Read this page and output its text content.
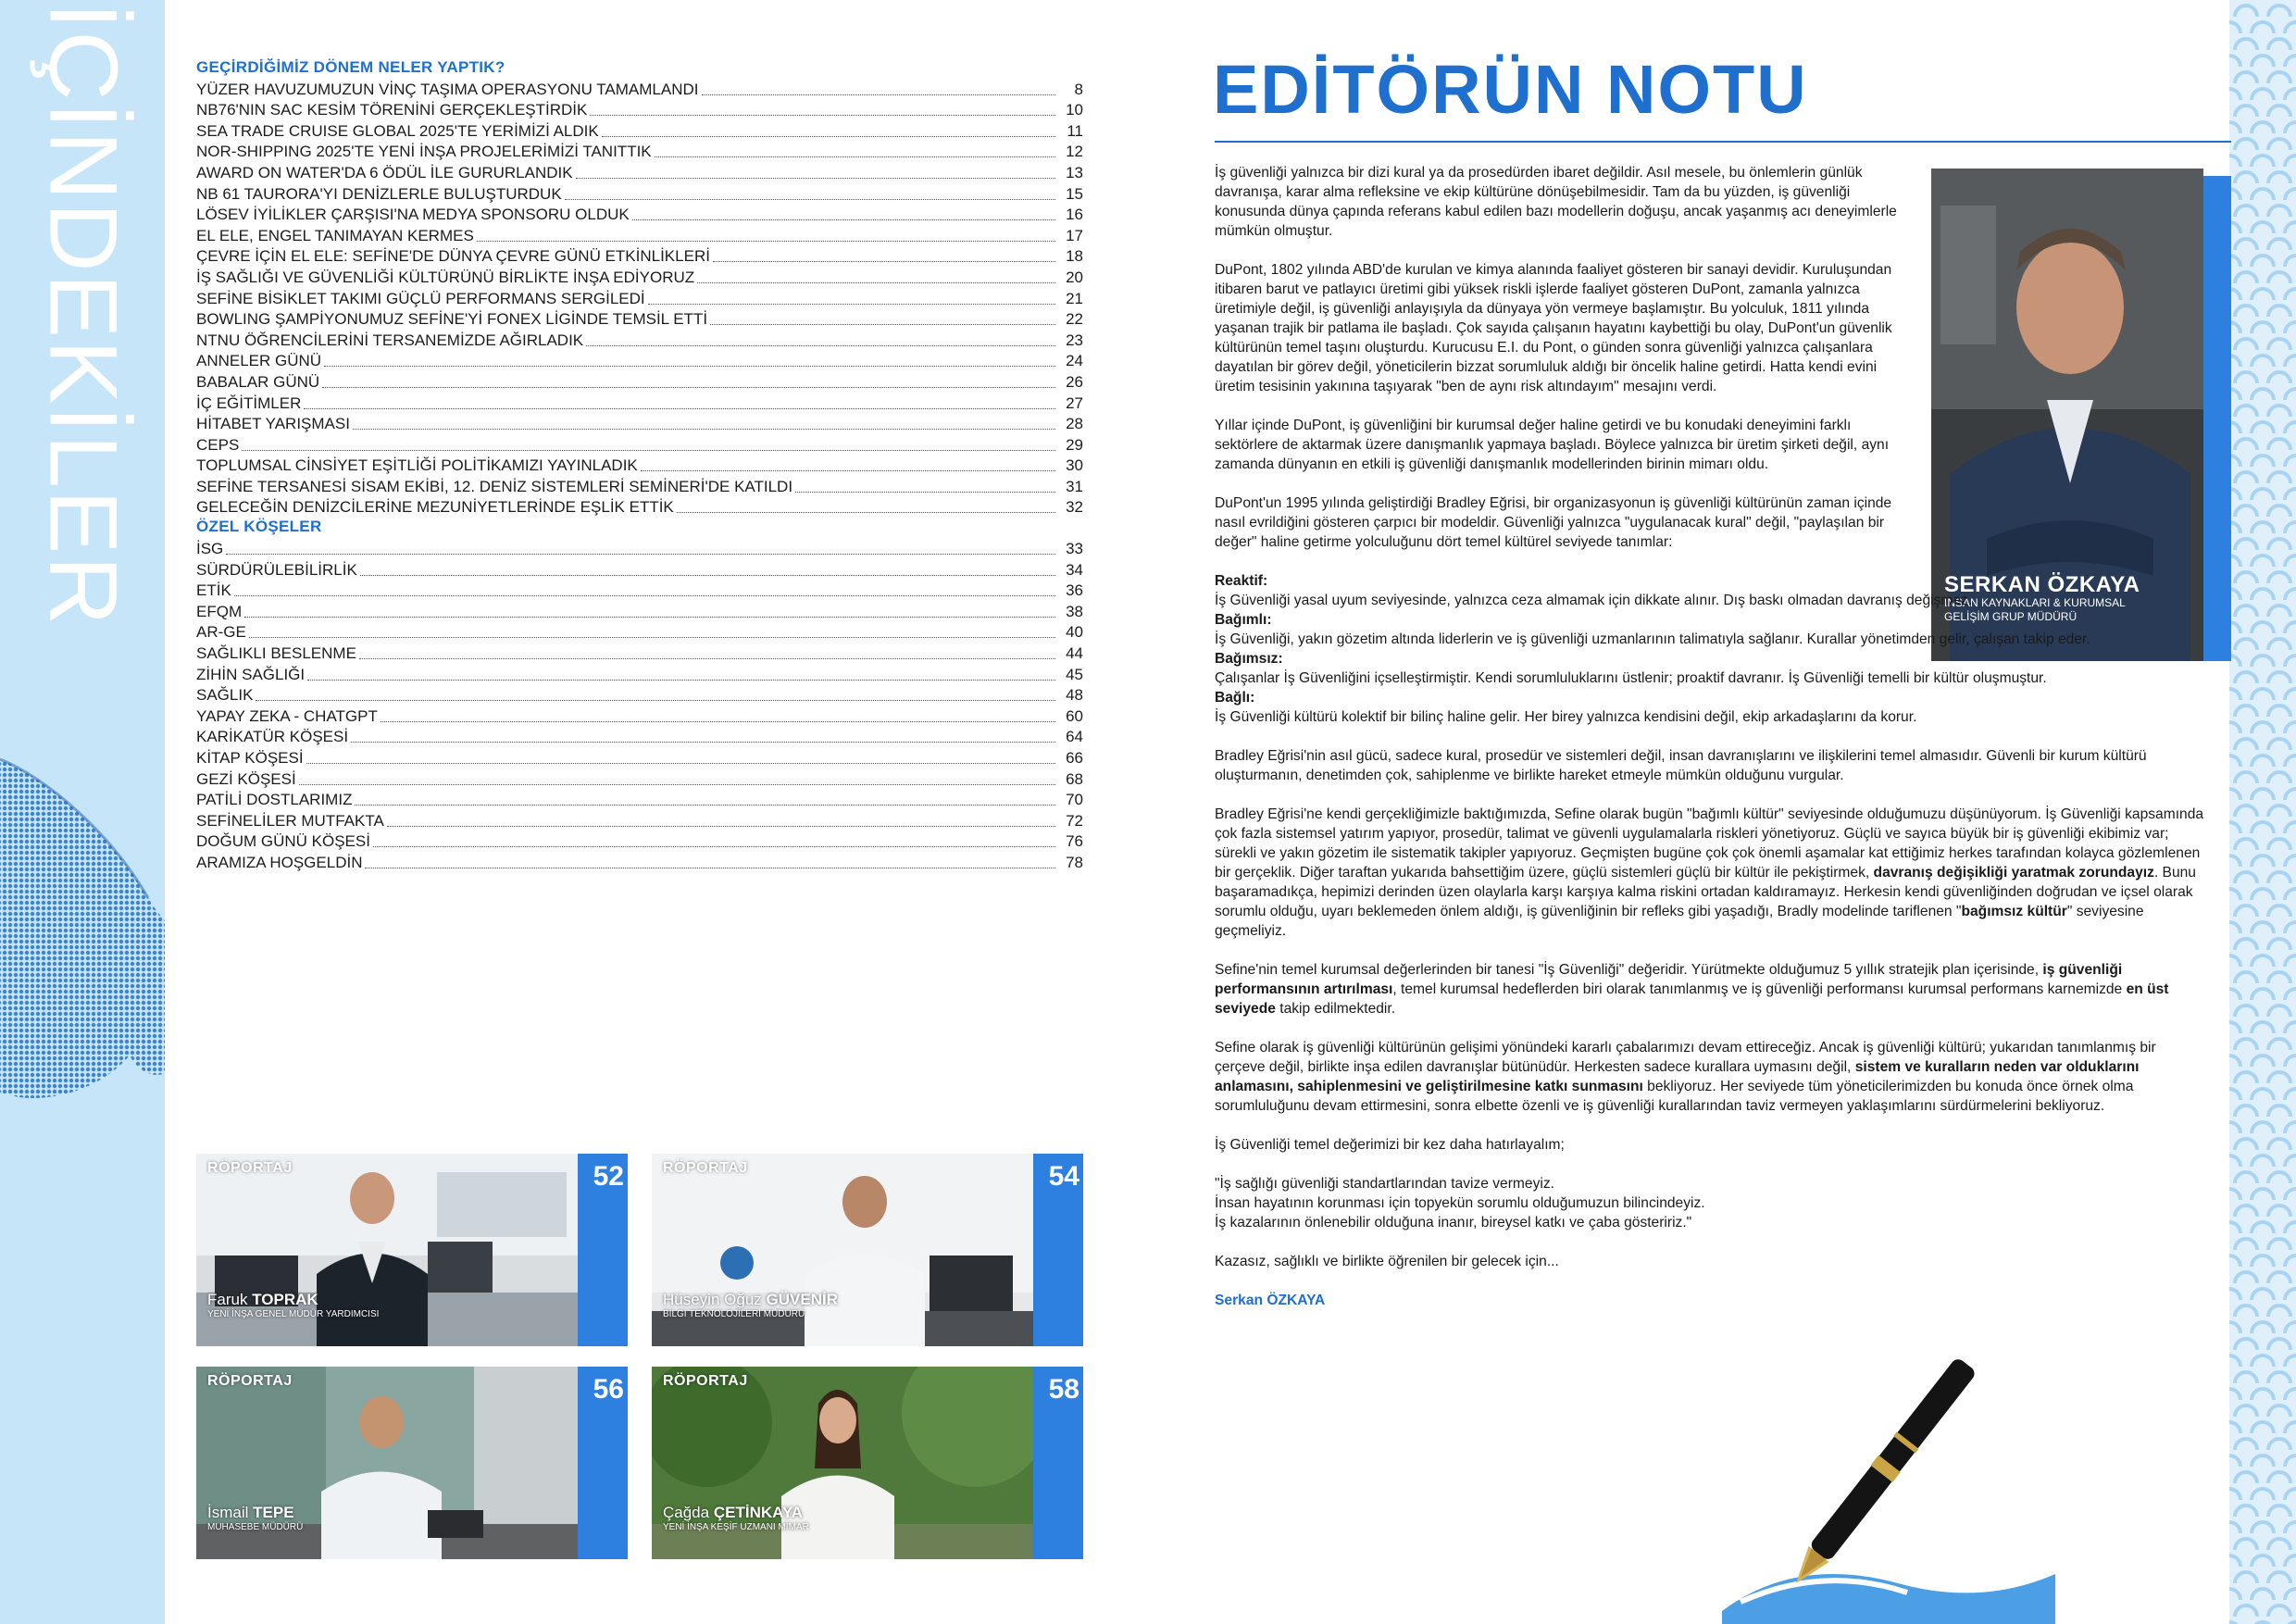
İÇİNDEKİLER	GEÇİRDİĞİMİZ DÖNEM NELER YAPTIK?
YÜZER HAVUZUMUZUN VİNÇ TAŞIMA OPERASYONU TAMAMLANDI	8
NB76'NIN SAC KESİM TÖRENİNİ GERÇEKLEŞTİRDİK	10
SEA TRADE CRUISE GLOBAL 2025'TE YERİMİZİ ALDIK	11
NOR-SHIPPING 2025'TE YENİ İNŞA PROJELERİMİZİ TANITTIK	12
AWARD ON WATER'DA 6 ÖDÜL İLE GURURLANDIK	13
NB 61 TAURORA'YI DENİZLERLE BULUŞTURDUK	15
LÖSEV İYİLİKLER ÇARŞISI'NA MEDYA SPONSORU OLDUK	16
EL ELE, ENGEL TANIMAYAN KERMES	17
ÇEVRE İÇİN EL ELE: SEFİNE'DE DÜNYA ÇEVRE GÜNÜ ETKİNLİKLERİ	18
İŞ SAĞLIĞI VE GÜVENLİĞİ KÜLTÜRÜNÜ BİRLİKTE İNŞA EDİYORUZ	20
SEFİNE BİSİKLET TAKIMI GÜÇLÜ PERFORMANS SERGİLEDİ	21
BOWLING ŞAMPİYONUMUZ SEFİNE'Yİ FONEX LİGİNDE TEMSİL ETTİ	22
NTNU ÖĞRENCİLERİNİ TERSANEMİZDE AĞIRLADIK	23
ANNELER GÜNÜ	24
BABALAR GÜNÜ	26
İÇ EĞİTİMLER	27
HİTABET YARIŞMASI	28
CEPS	29
TOPLUMSAL CİNSİYET EŞİTLİĞİ POLİTİKAMIZI YAYINLADIK	30
SEFİNE TERSANESİ SİSAM EKİBİ, 12. DENİZ SİSTEMLERİ SEMİNERİ'DE KATILDI	31
GELECEĞİN DENİZCİLERİNE MEZUNİYETLERİNDE EŞLİK ETTİK	32
ÖZEL KÖŞELER
İSG	33
SÜRDÜRÜLEBİLİRLİK	34
ETİK	36
EFQM	38
AR-GE	40
SAĞLIKLI BESLENME	44
ZİHİN SAĞLIĞI	45
SAĞLIK	48
YAPAY ZEKA - CHATGPT	60
KARİKATÜR KÖŞESİ	64
KİTAP KÖŞESİ	66
GEZİ KÖŞESİ	68
PATİLİ DOSTLARIMIZ	70
SEFİNELİLER MUTFAKTA	72
DOĞUM GÜNÜ KÖŞESİ	76
ARAMIZA HOŞGELDİN	78
52
RÖPORTAJ
Faruk TOPRAK
YENİ İNŞA GENEL MÜDÜR YARDIMCISI
54
RÖPORTAJ
Hüseyin Oğuz GÜVENİR
BİLGİ TEKNOLOJİLERİ MÜDÜRÜ
56
RÖPORTAJ
İsmail TEPE
MUHASEBE MÜDÜRÜ
58
RÖPORTAJ
Çağda ÇETİNKAYA
YENİ İNŞA KEŞİF UZMANI MİMAR
EDİTÖRÜN NOTU
SERKAN ÖZKAYA
İNSAN KAYNAKLARI & KURUMSAL GELİŞİM GRUP MÜDÜRÜ

İş güvenliği yalnızca bir dizi kural ya da prosedürden ibaret değildir. Asıl mesele, bu önlemlerin günlük davranışa, karar alma refleksine ve ekip kültürüne dönüşebilmesidir. Tam da bu yüzden, iş güvenliği konusunda dünya çapında referans kabul edilen bazı modellerin doğuşu, ancak yaşanmış acı deneyimlerle mümkün olmuştur.

DuPont, 1802 yılında ABD'de kurulan ve kimya alanında faaliyet gösteren bir sanayi devidir. Kuruluşundan itibaren barut ve patlayıcı üretimi gibi yüksek riskli işlerde faaliyet gösteren DuPont, zamanla yalnızca üretimiyle değil, iş güvenliği anlayışıyla da dünyaya yön vermeye başlamıştır. Bu yolculuk, 1811 yılında yaşanan trajik bir patlama ile başladı. Çok sayıda çalışanın hayatını kaybettiği bu olay, DuPont'un güvenlik kültürünün temel taşını oluşturdu. Kurucusu E.I. du Pont, o günden sonra güvenliği yalnızca çalışanlara dayatılan bir görev değil, yöneticilerin bizzat sorumluluk aldığı bir öncelik haline getirdi. Hatta kendi evini üretim tesisinin yakınına taşıyarak "ben de aynı risk altındayım" mesajını verdi.

Yıllar içinde DuPont, iş güvenliğini bir kurumsal değer haline getirdi ve bu konudaki deneyimini farklı sektörlere de aktarmak üzere danışmanlık yapmaya başladı. Böylece yalnızca bir üretim şirketi değil, aynı zamanda dünyanın en etkili iş güvenliği danışmanlık modellerinden birinin mimarı oldu.

DuPont'un 1995 yılında geliştirdiği Bradley Eğrisi, bir organizasyonun iş güvenliği kültürünün zaman içinde nasıl evrildiğini gösteren çarpıcı bir modeldir. Güvenliği yalnızca "uygulanacak kural" değil, "paylaşılan bir değer" haline getirme yolculuğunu dört temel kültürel seviyede tanımlar:

Reaktif:
İş Güvenliği yasal uyum seviyesinde, yalnızca ceza almamak için dikkate alınır. Dış baskı olmadan davranış değişmez.
Bağımlı:
İş Güvenliği, yakın gözetim altında liderlerin ve iş güvenliği uzmanlarının talimatıyla sağlanır. Kurallar yönetimden gelir, çalışan takip eder.
Bağımsız:
Çalışanlar İş Güvenliğini içselleştirmiştir. Kendi sorumluluklarını üstlenir; proaktif davranır. İş Güvenliği temelli bir kültür oluşmuştur.
Bağlı:
İş Güvenliği kültürü kolektif bir bilinç haline gelir. Her birey yalnızca kendisini değil, ekip arkadaşlarını da korur.

Bradley Eğrisi'nin asıl gücü, sadece kural, prosedür ve sistemleri değil, insan davranışlarını ve ilişkilerini temel almasıdır. Güvenli bir kurum kültürü oluşturmanın, denetimden çok, sahiplenme ve birlikte hareket etmeyle mümkün olduğunu vurgular.

Bradley Eğrisi'ne kendi gerçekliğimizle baktığımızda, Sefine olarak bugün "bağımlı kültür" seviyesinde olduğumuzu düşünüyorum. İş Güvenliği kapsamında çok fazla sistemsel yatırım yapıyor, prosedür, talimat ve güvenli uygulamalarla riskleri yönetiyoruz. Güçlü ve sayıca büyük bir iş güvenliği ekibimiz var; sürekli ve yakın gözetim ile sistematik takipler yapıyoruz. Geçmişten bugüne çok çok önemli aşamalar kat ettiğimiz herkes tarafından kolayca gözlemlenen bir gerçeklik. Diğer taraftan yukarıda bahsettiğim üzere, güçlü sistemleri güçlü bir kültür ile pekiştirmek, davranış değişikliği yaratmak zorundayız. Bunu başaramadıkça, hepimizi derinden üzen olaylarla karşı karşıya kalma riskini ortadan kaldıramayız. Herkesin kendi güvenliğinden doğrudan ve içsel olarak sorumlu olduğu, uyarı beklemeden önlem aldığı, iş güvenliğinin bir refleks gibi yaşadığı, Bradly modelinde tariflenen "bağımsız kültür" seviyesine geçmeliyiz.

Sefine'nin temel kurumsal değerlerinden bir tanesi "İş Güvenliği" değeridir. Yürütmekte olduğumuz 5 yıllık stratejik plan içerisinde, iş güvenliği performansının artırılması, temel kurumsal hedeflerden biri olarak tanımlanmış ve iş güvenliği performansı kurumsal performans karnemizde en üst seviyede takip edilmektedir.

Sefine olarak iş güvenliği kültürünün gelişimi yönündeki kararlı çabalarımızı devam ettireceğiz. Ancak iş güvenliği kültürü; yukarıdan tanımlanmış bir çerçeve değil, birlikte inşa edilen davranışlar bütünüdür. Herkesten sadece kurallara uymasını değil, sistem ve kuralların neden var olduklarını anlamasını, sahiplenmesini ve geliştirilmesine katkı sunmasını bekliyoruz. Her seviyede tüm yöneticilerimizden bu konuda önce örnek olma sorumluluğunu devam ettirmesini, sonra elbette özenli ve iş güvenliği kurallarından taviz vermeyen yaklaşımlarını sürdürmelerini bekliyoruz.

İş Güvenliği temel değerimizi bir kez daha hatırlayalım;

"İş sağlığı güvenliği standartlarından tavize vermeyiz.
İnsan hayatının korunması için topyekün sorumlu olduğumuzun bilincindeyiz.
İş kazalarının önlenebilir olduğuna inanır, bireysel katkı ve çaba gösteririz."

Kazasız, sağlıklı ve birlikte öğrenilen bir gelecek için...

Serkan ÖZKAYA
